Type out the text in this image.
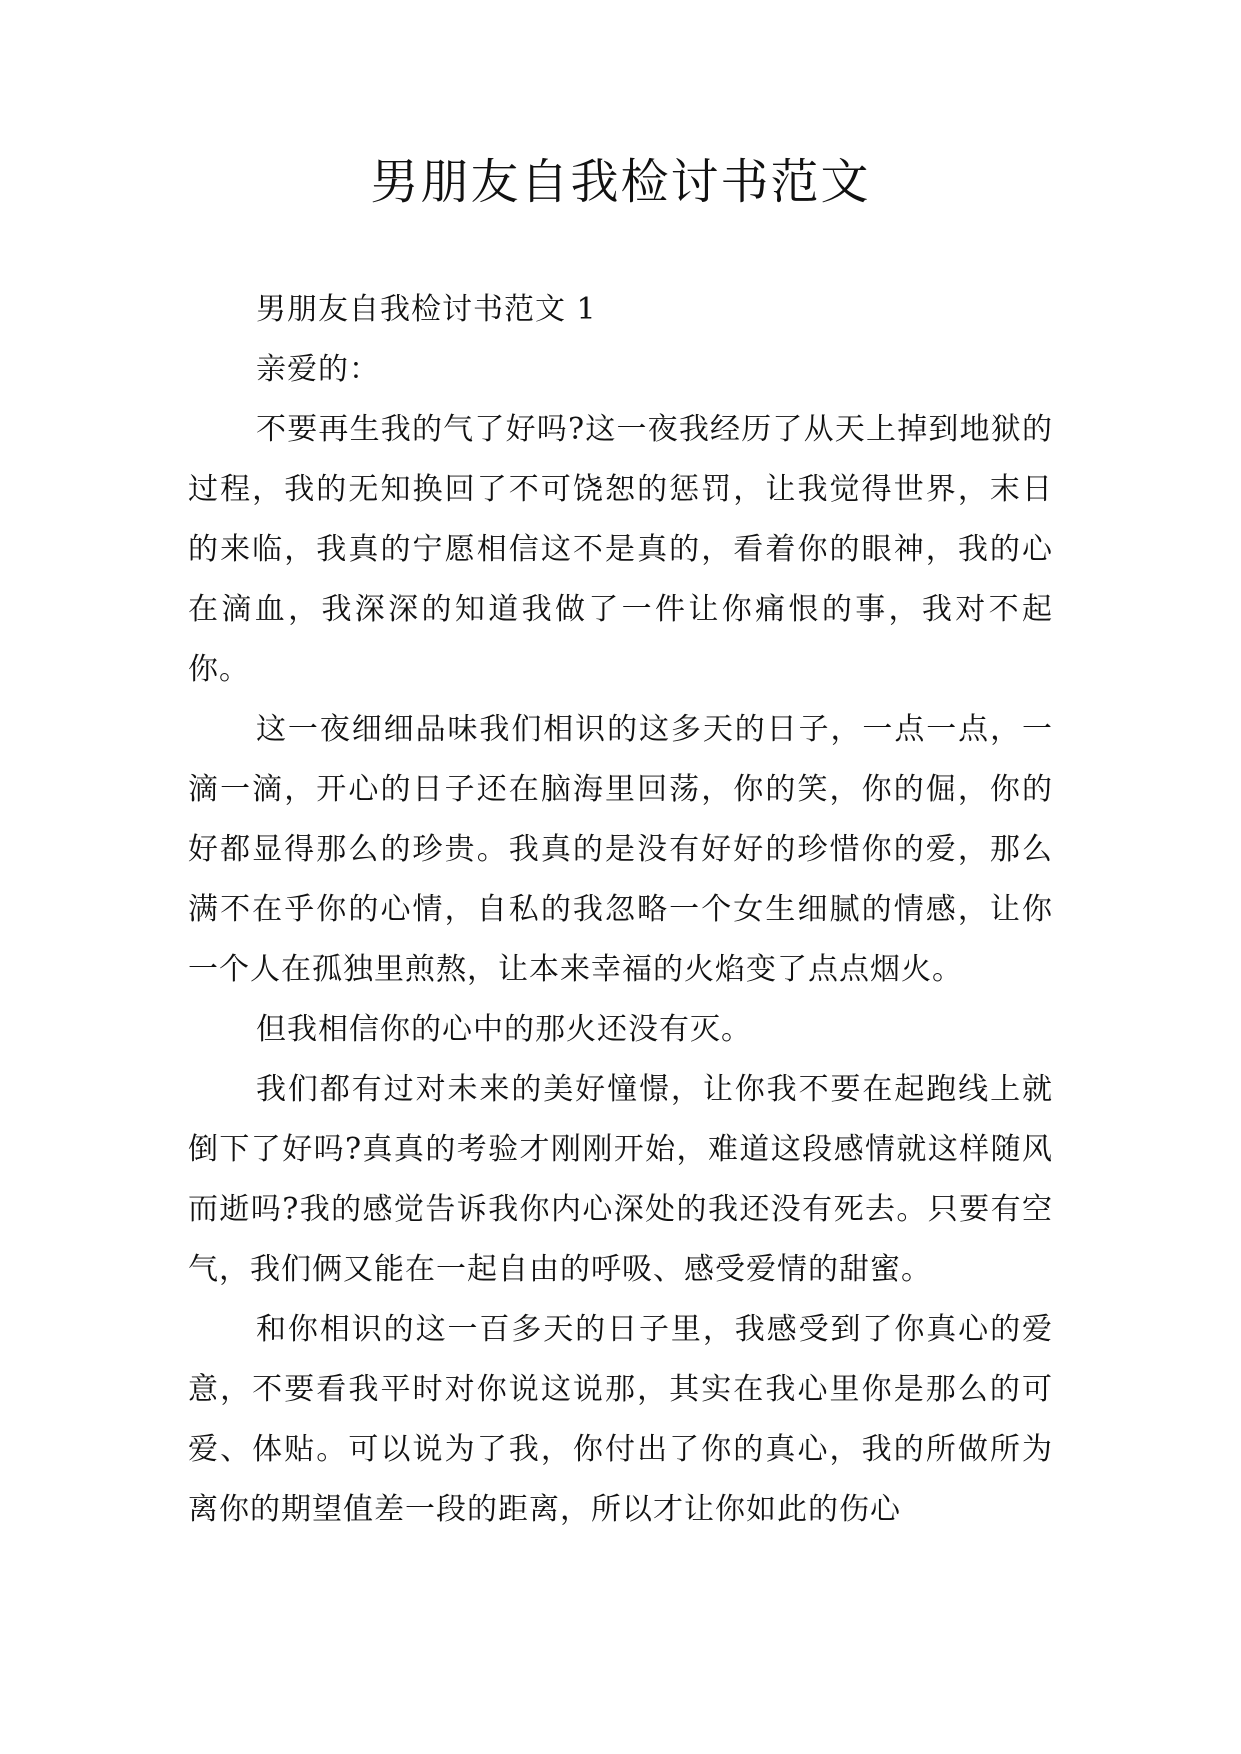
男朋友自我检讨书范文

男朋友自我检讨书范文 1

亲爱的：

不要再生我的气了好吗?这一夜我经历了从天上掉到地狱的过程，我的无知换回了不可饶恕的惩罚，让我觉得世界，末日的来临，我真的宁愿相信这不是真的，看着你的眼神，我的心在滴血，我深深的知道我做了一件让你痛恨的事，我对不起你。

这一夜细细品味我们相识的这多天的日子，一点一点，一滴一滴，开心的日子还在脑海里回荡，你的笑，你的倔，你的好都显得那么的珍贵。我真的是没有好好的珍惜你的爱，那么满不在乎你的心情，自私的我忽略一个女生细腻的情感，让你一个人在孤独里煎熬，让本来幸福的火焰变了点点烟火。

但我相信你的心中的那火还没有灭。

我们都有过对未来的美好憧憬，让你我不要在起跑线上就倒下了好吗?真真的考验才刚刚开始，难道这段感情就这样随风而逝吗?我的感觉告诉我你内心深处的我还没有死去。只要有空气，我们俩又能在一起自由的呼吸、感受爱情的甜蜜。

和你相识的这一百多天的日子里，我感受到了你真心的爱意，不要看我平时对你说这说那，其实在我心里你是那么的可爱、体贴。可以说为了我，你付出了你的真心，我的所做所为离你的期望值差一段的距离，所以才让你如此的伤心
